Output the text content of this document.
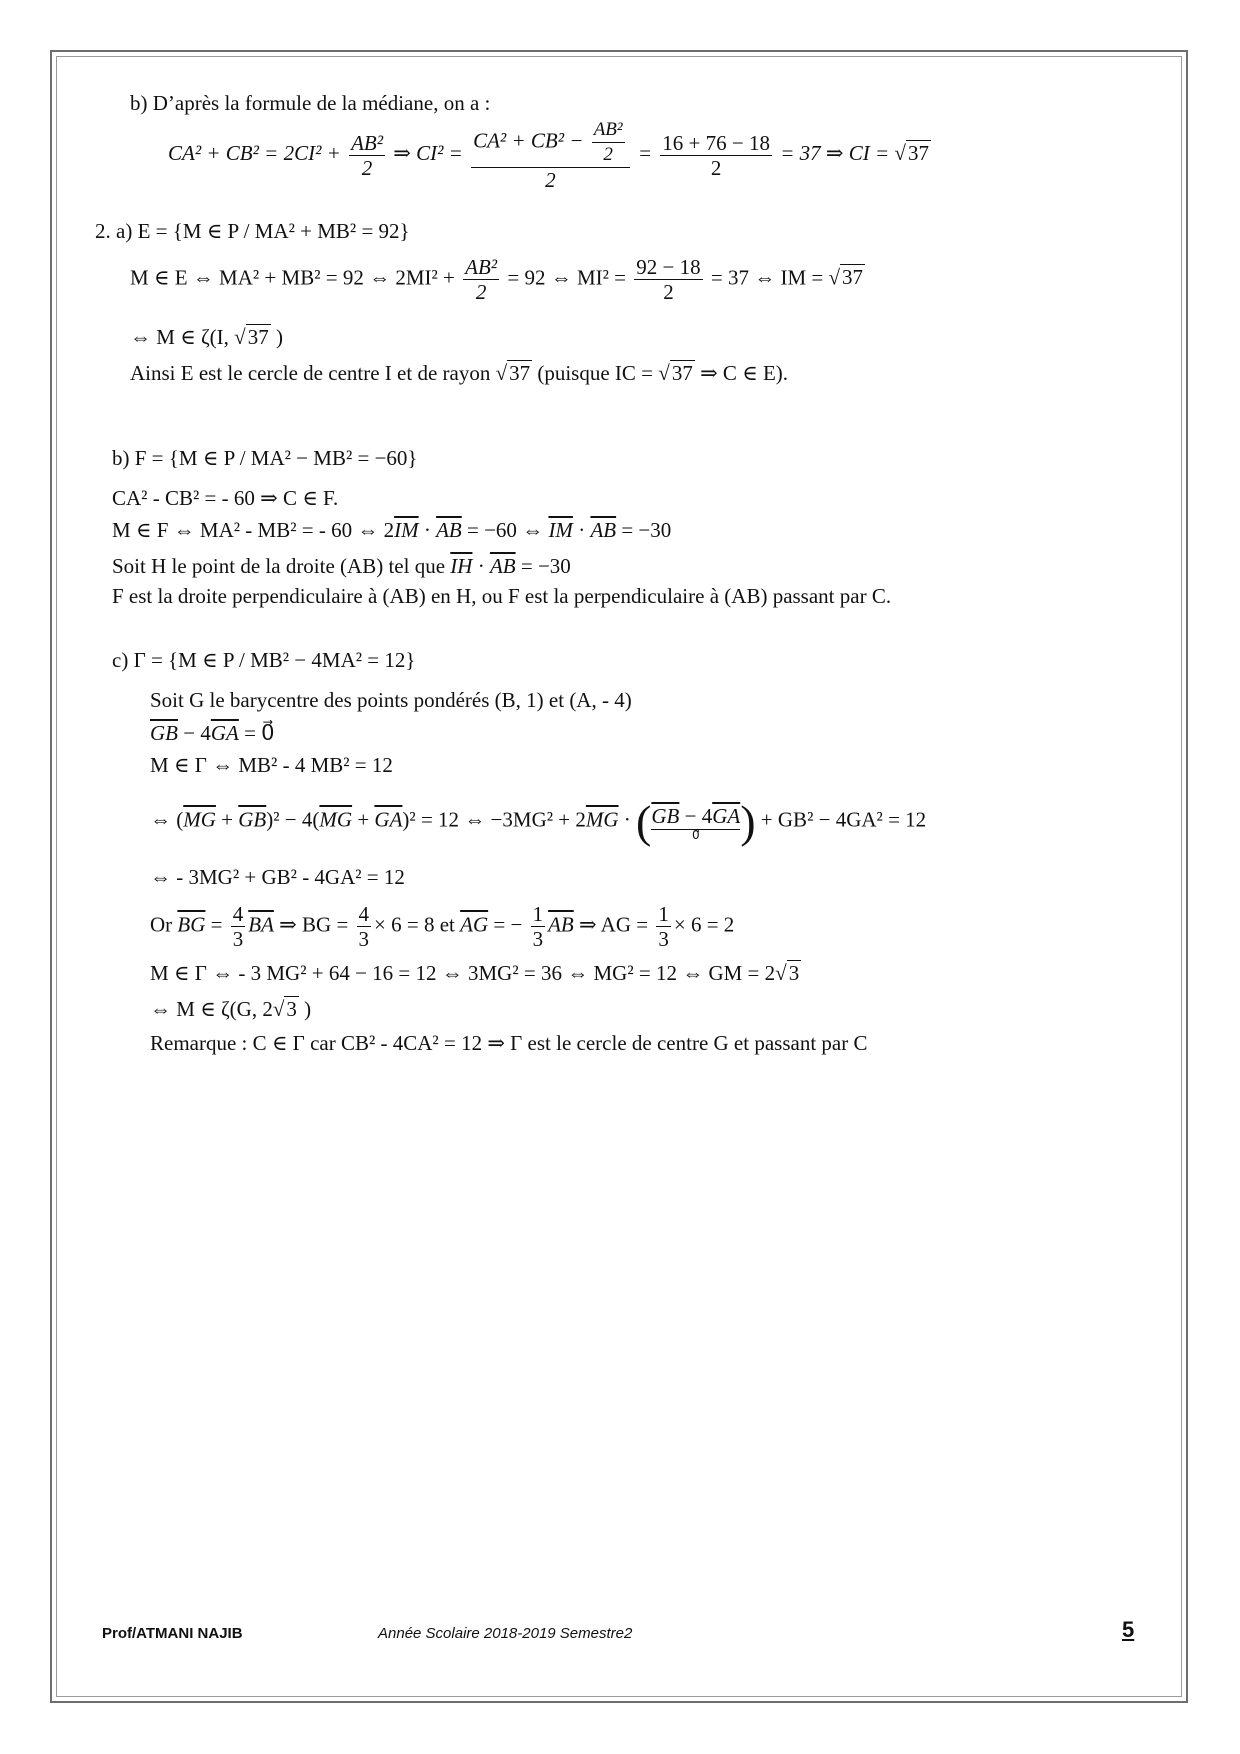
b) D’après la formule de la médiane, on a :
$CA^2 + CB^2 = 2CI^2 + \frac{\text{AB²}}{2}$ ⇒ $CI^2 = \frac{CA^2 + CB^2 - \frac{\text{AB²}}{2}}{2} = \frac{16 + 76 - 18}{2} = 37$ ⇒ CI = √37
2. a) E = {M ∈ P / MA² + MB² = 92}
M ∈ E ⇔ MA² + MB² = 92 ⇔ $2MI^2 + \frac{\text{AB²}}{2} = 92$ ⇔ $MI^2 = \frac{92 - 18}{2} = 37$ ⇔ IM = √37
⇔ M ∈ ζ(I, √37 )
Ainsi E est le cercle de centre I et de rayon √37 (puisque IC = √37 ⇒ C ∈ E).
b) F = {M ∈ P / MA² − MB² = −60}
CA² - CB² = - 60 ⇒ C ∈ F.
M ∈ F ⇔ MA² - MB² = - 60 ⇔ $2\overline{IM} \cdot \overline{AB} = -60$ ⇔ $\overline{IM} \cdot \overline{AB} = -30$
Soit H le point de la droite (AB) tel que $\overline{IH} \cdot \overline{AB} = -30$
F est la droite perpendiculaire à (AB) en H, ou F est la perpendiculaire à (AB) passant par C.
c) Γ = {M ∈ P / MB² − 4MA² = 12}
Soit G le barycentre des points pondérés (B, 1) et (A, - 4)
$\overline{GB} - 4\overline{GA}$ = 0⃗
M ∈ Γ ⇔ MB² - 4 MB² = 12
⇔ $(\overline{MG} + \overline{GB})^2 - 4(\overline{MG} + \overline{GA})^2 = 12$ ⇔ $-3MG^2 + 2\overline{MG}$ · ( $\overline{GB} - 4\overline{GA}$
0⃗ ) + GB² − 4GA² = 12
⇔ - 3MG² + GB² - 4GA² = 12
Or $\overline{BG} = \frac{4}{3} \overline{BA}$ ⇒ BG = $\frac{4}{3} \times 6 = 8$ et $\overline{AG}$ = − $\frac{1}{3} \overline{AB}$ ⇒ AG = $\frac{1}{3} \times 6 = 2$
M ∈ Γ ⇔ - 3 MG² + 64 − 16 = 12 ⇔ 3MG² = 36 ⇔ MG² = 12 ⇔ GM = 2√3
⇔ M ∈ ζ(G, 2√3 )
Remarque : C ∈ Γ car CB² - 4CA² = 12 ⇒ Γ est le cercle de centre G et passant par C
Prof/ATMANI NAJIB	Année Scolaire 2018-2019 Semestre2	5
